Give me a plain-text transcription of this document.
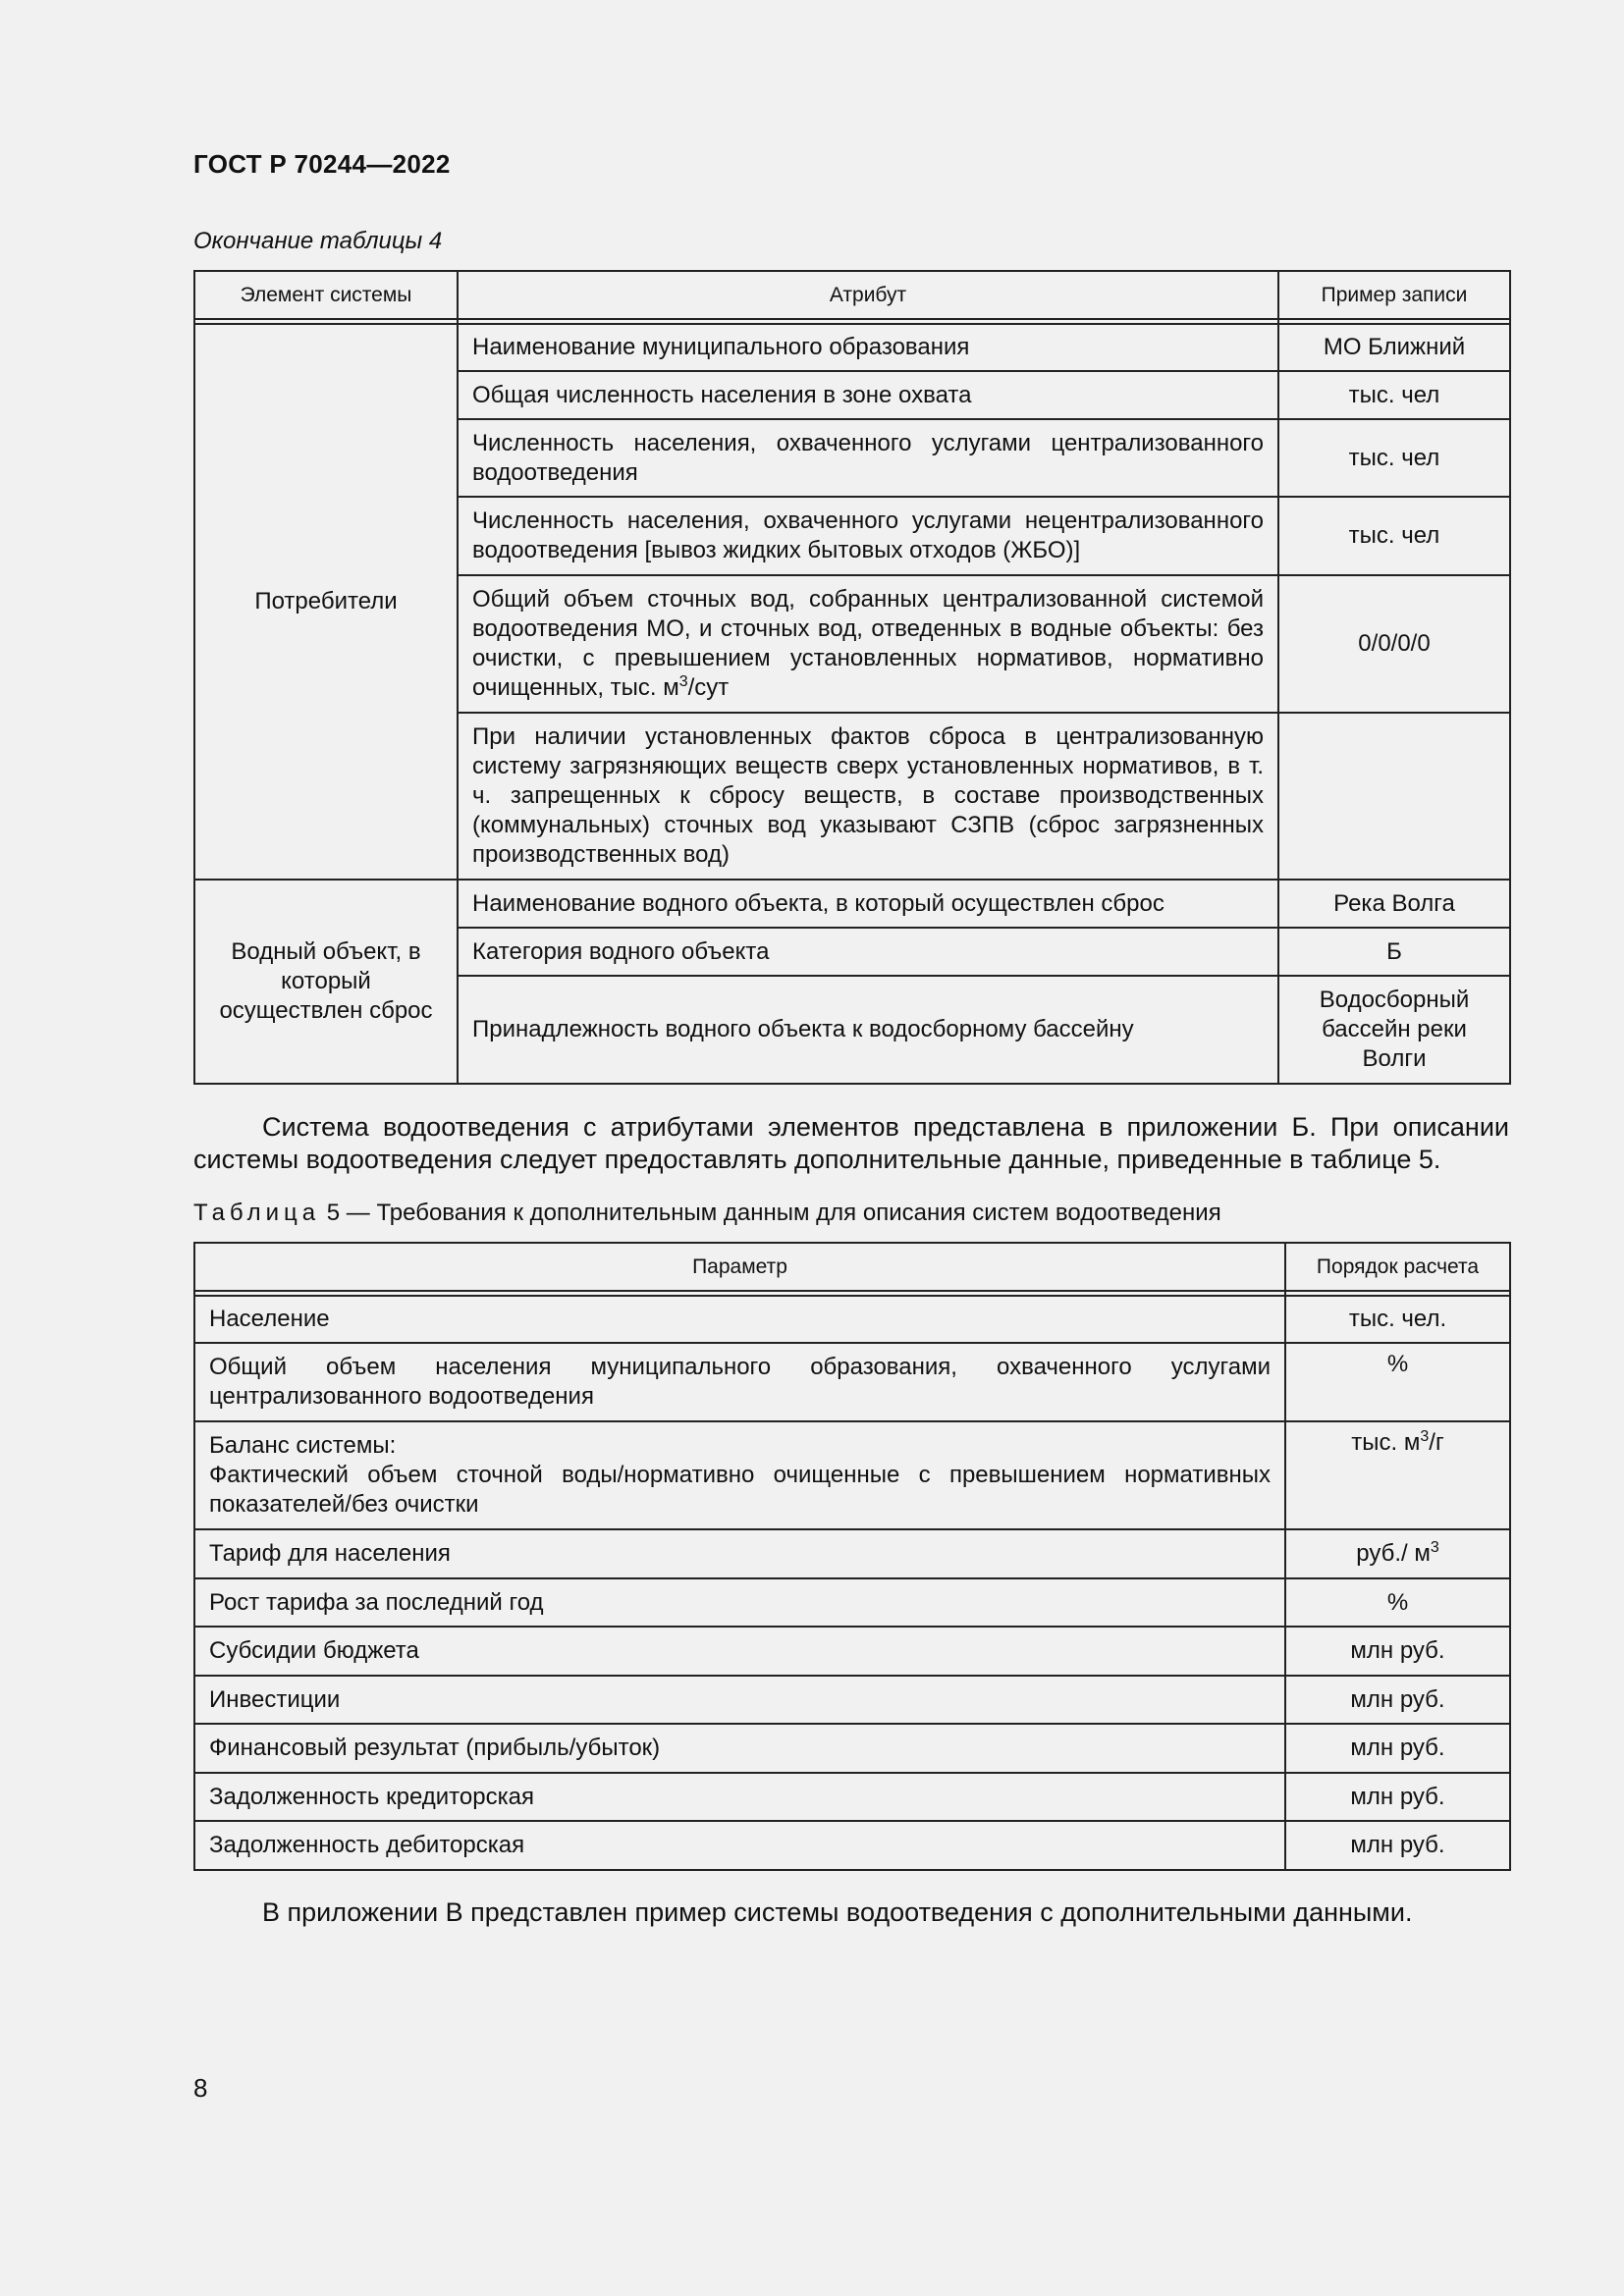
ГОСТ Р 70244—2022
Окончание таблицы 4
Элемент системы	Атрибут	Пример записи

Потребители	Наименование муниципального образования	МО Ближний
	Общая численность населения в зоне охвата	тыс. чел
	Численность населения, охваченного услугами централизованного водоотведения	тыс. чел
	Численность населения, охваченного услугами нецентрализованного водоотведения [вывоз жидких бытовых отходов (ЖБО)]	тыс. чел
	Общий объем сточных вод, собранных централизованной системой водоотведения МО, и сточных вод, отведенных в водные объекты: без очистки, с превышением установленных нормативов, нормативно очищенных, тыс. $м^3$/сут	0/0/0/0
	При наличии установленных фактов сброса в централизованную систему загрязняющих веществ сверх установленных нормативов, в т. ч. запрещенных к сбросу веществ, в составе производственных (коммунальных) сточных вод указывают СЗПВ (сброс загрязненных производственных вод)	
Водный объект, в который осуществлен сброс	Наименование водного объекта, в который осуществлен сброс	Река Волга
	Категория водного объекта	Б
	Принадлежность водного объекта к водосборному бассейну	Водосборный бассейн реки Волги
Система водоотведения с атрибутами элементов представлена в приложении Б. При описании системы водоотведения следует предоставлять дополнительные данные, приведенные в таблице 5.
Таблица 5 — Требования к дополнительным данным для описания систем водоотведения
Параметр	Порядок расчета

Население	тыс. чел.
Общий объем населения муниципального образования, охваченного услугами централизованного водоотведения	%

Баланс системы:
Фактический объем сточной воды/нормативно очищенные с превышением нормативных показателей/без очистки	тыс. $м^3/г$
Тариф для населения	руб./ $м^3$
Рост тарифа за последний год	%
Субсидии бюджета	млн руб.
Инвестиции	млн руб.
Финансовый результат (прибыль/убыток)	млн руб.
Задолженность кредиторская	млн руб.
Задолженность дебиторская	млн руб.
В приложении В представлен пример системы водоотведения с дополнительными данными.
8
